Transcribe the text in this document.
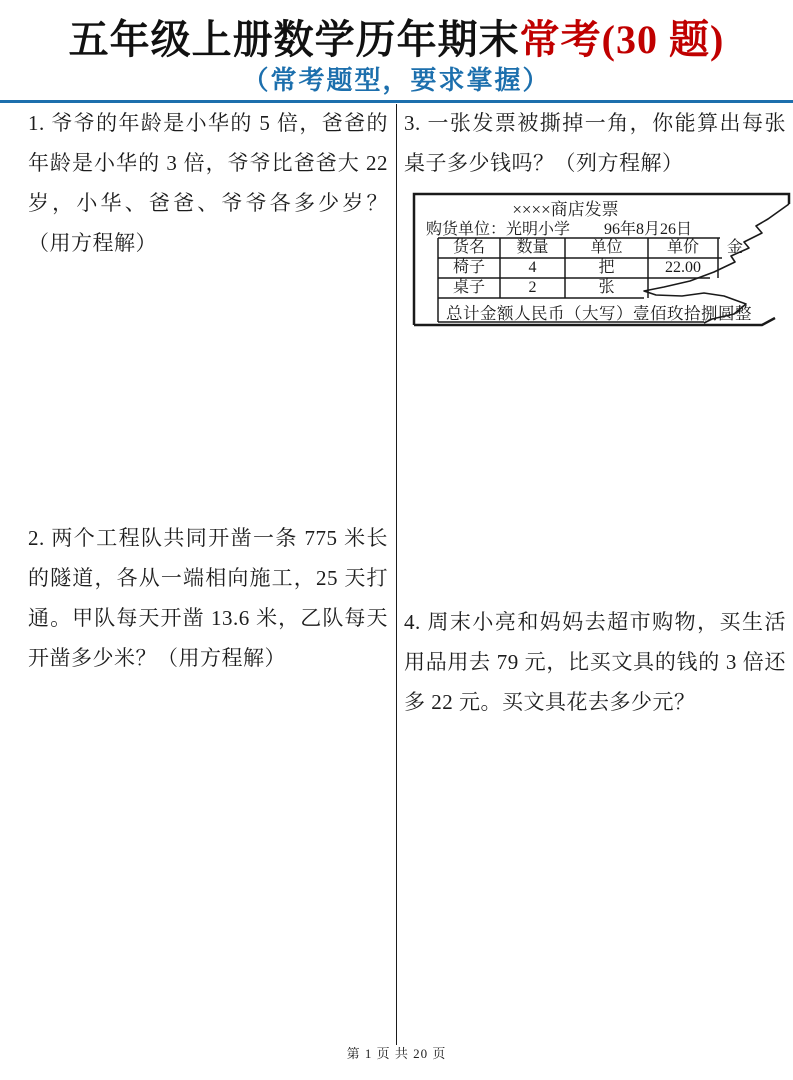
五年级上册数学历年期末常考(30 题)
（常考题型，要求掌握）
1. 爷爷的年龄是小华的 5 倍，爸爸的年龄是小华的 3 倍，爷爷比爸爸大 22 岁，小华、爸爸、爷爷各多少岁？（用方程解）
2. 两个工程队共同开凿一条 775 米长的隧道，各从一端相向施工，25 天打通。甲队每天开凿 13.6 米，乙队每天开凿多少米？（用方程解）
3. 一张发票被撕掉一角，你能算出每张桌子多少钱吗？（列方程解）
4. 周末小亮和妈妈去超市购物，买生活用品用去 79 元，比买文具的钱的 3 倍还多 22 元。买文具花去多少元？
××××商店发票
购货单位：光明小学 96年8月26日
货名	数量	单位	单价	金
椅子	4	把	22.00
桌子	2	张
总计金额人民币（大写）壹佰玫拾捌圆整
第 1 页 共 20 页
